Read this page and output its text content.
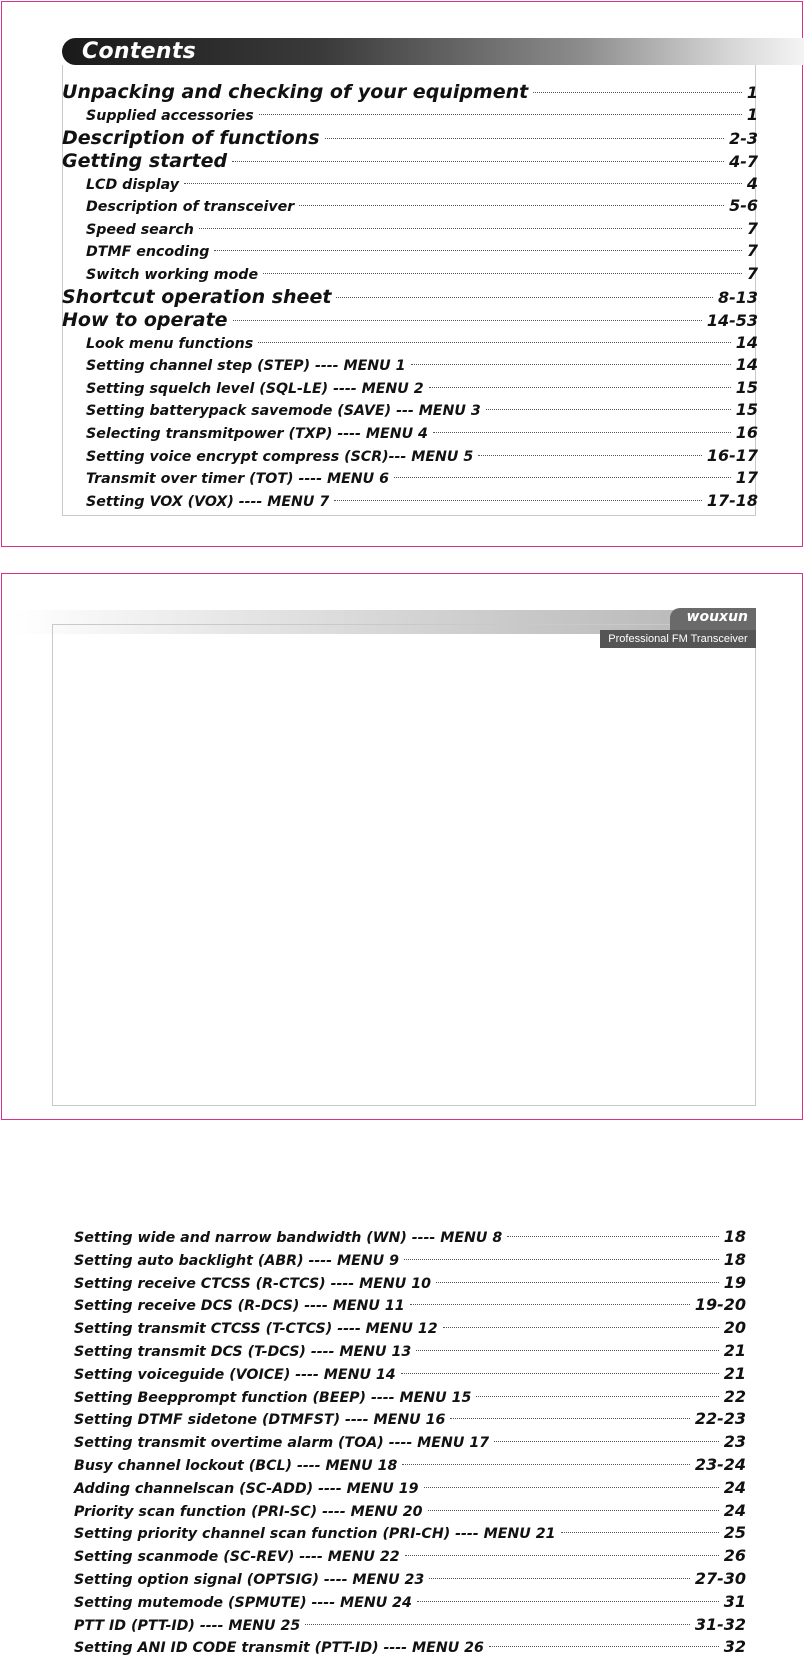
Contents
Unpacking and checking of your equipment	1
Supplied accessories	1
Description of functions	2-3
Getting started	4-7
LCD display	4
Description of transceiver	5-6
Speed search	7
DTMF encoding	7
Switch working mode	7
Shortcut operation sheet	8-13
How to operate	14-53
Look menu functions	14
Setting channel step (STEP) ---- MENU 1	14
Setting squelch level (SQL-LE) ---- MENU 2	15
Setting batterypack savemode (SAVE) --- MENU 3	15
Selecting transmitpower (TXP) ---- MENU 4	16
Setting voice encrypt compress (SCR)--- MENU 5	16-17
Transmit over timer (TOT) ---- MENU 6	17
Setting VOX (VOX) ---- MENU 7	17-18
wouxun
Professional FM Transceiver
Setting wide and narrow bandwidth (WN) ---- MENU 8	18
Setting auto backlight (ABR) ---- MENU 9	18
Setting receive CTCSS (R-CTCS) ---- MENU 10	19
Setting receive DCS (R-DCS) ---- MENU 11	19-20
Setting transmit CTCSS (T-CTCS) ---- MENU 12	20
Setting transmit DCS (T-DCS) ---- MENU 13	21
Setting voiceguide (VOICE) ---- MENU 14	21
Setting Beepprompt function (BEEP) ---- MENU 15	22
Setting DTMF sidetone (DTMFST) ---- MENU 16	22-23
Setting transmit overtime alarm (TOA) ---- MENU 17	23
Busy channel lockout (BCL) ---- MENU 18	23-24
Adding channelscan (SC-ADD) ---- MENU 19	24
Priority scan function (PRI-SC) ---- MENU 20	24
Setting priority channel scan function (PRI-CH) ---- MENU 21	25
Setting scanmode (SC-REV) ---- MENU 22	26
Setting option signal (OPTSIG) ---- MENU 23	27-30
Setting mutemode (SPMUTE) ---- MENU 24	31
PTT ID (PTT-ID) ---- MENU 25	31-32
Setting ANI ID CODE transmit (PTT-ID) ---- MENU 26	32
